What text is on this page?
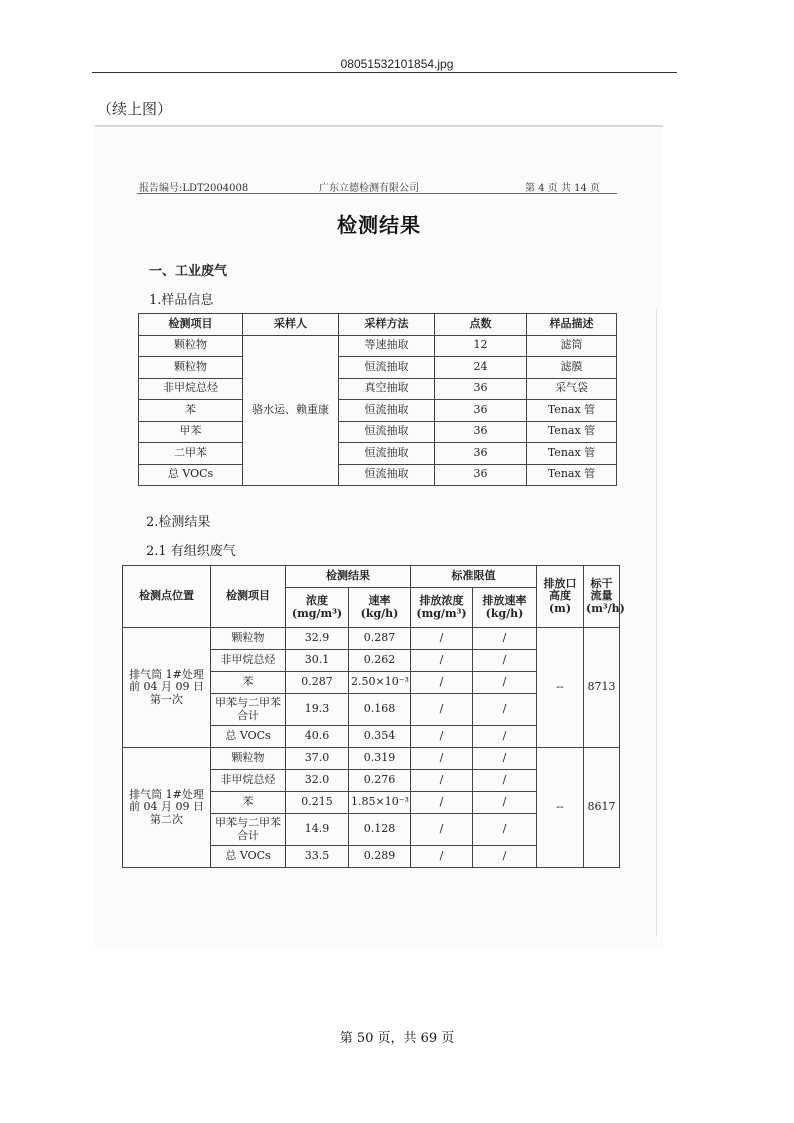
08051532101854.jpg
（续上图）
报告编号:LDT2004008	广东立德检测有限公司	第 4 页 共 14 页
检测结果
一、工业废气
1.样品信息
检测项目	采样人	采样方法	点数	样品描述
颗粒物	骆水运、赖重康	等速抽取	12	滤筒
颗粒物		恒流抽取	24	滤膜
非甲烷总烃		真空抽取	36	采气袋
苯		恒流抽取	36	Tenax 管
甲苯		恒流抽取	36	Tenax 管
二甲苯		恒流抽取	36	Tenax 管
总 VOCs		恒流抽取	36	Tenax 管
2.检测结果
2.1 有组织废气
检测点位置	检测项目	检测结果		标准限值		排放口高度(m)	标干流量(m³/h)
		浓度(mg/m³)	速率(kg/h)	排放浓度(mg/m³)	排放速率(kg/h)		
排气筒 1#处理前 04 月 09 日第一次	颗粒物	32.9	0.287	/	/	--	8713
	非甲烷总烃	30.1	0.262	/	/		
	苯	0.287	2.50×10⁻³	/	/		
	甲苯与二甲苯合计	19.3	0.168	/	/		
	总 VOCs	40.6	0.354	/	/		
排气筒 1#处理前 04 月 09 日第二次	颗粒物	37.0	0.319	/	/	--	8617
	非甲烷总烃	32.0	0.276	/	/		
	苯	0.215	1.85×10⁻³	/	/		
	甲苯与二甲苯合计	14.9	0.128	/	/		
	总 VOCs	33.5	0.289	/	/		
第 50 页，共 69 页
